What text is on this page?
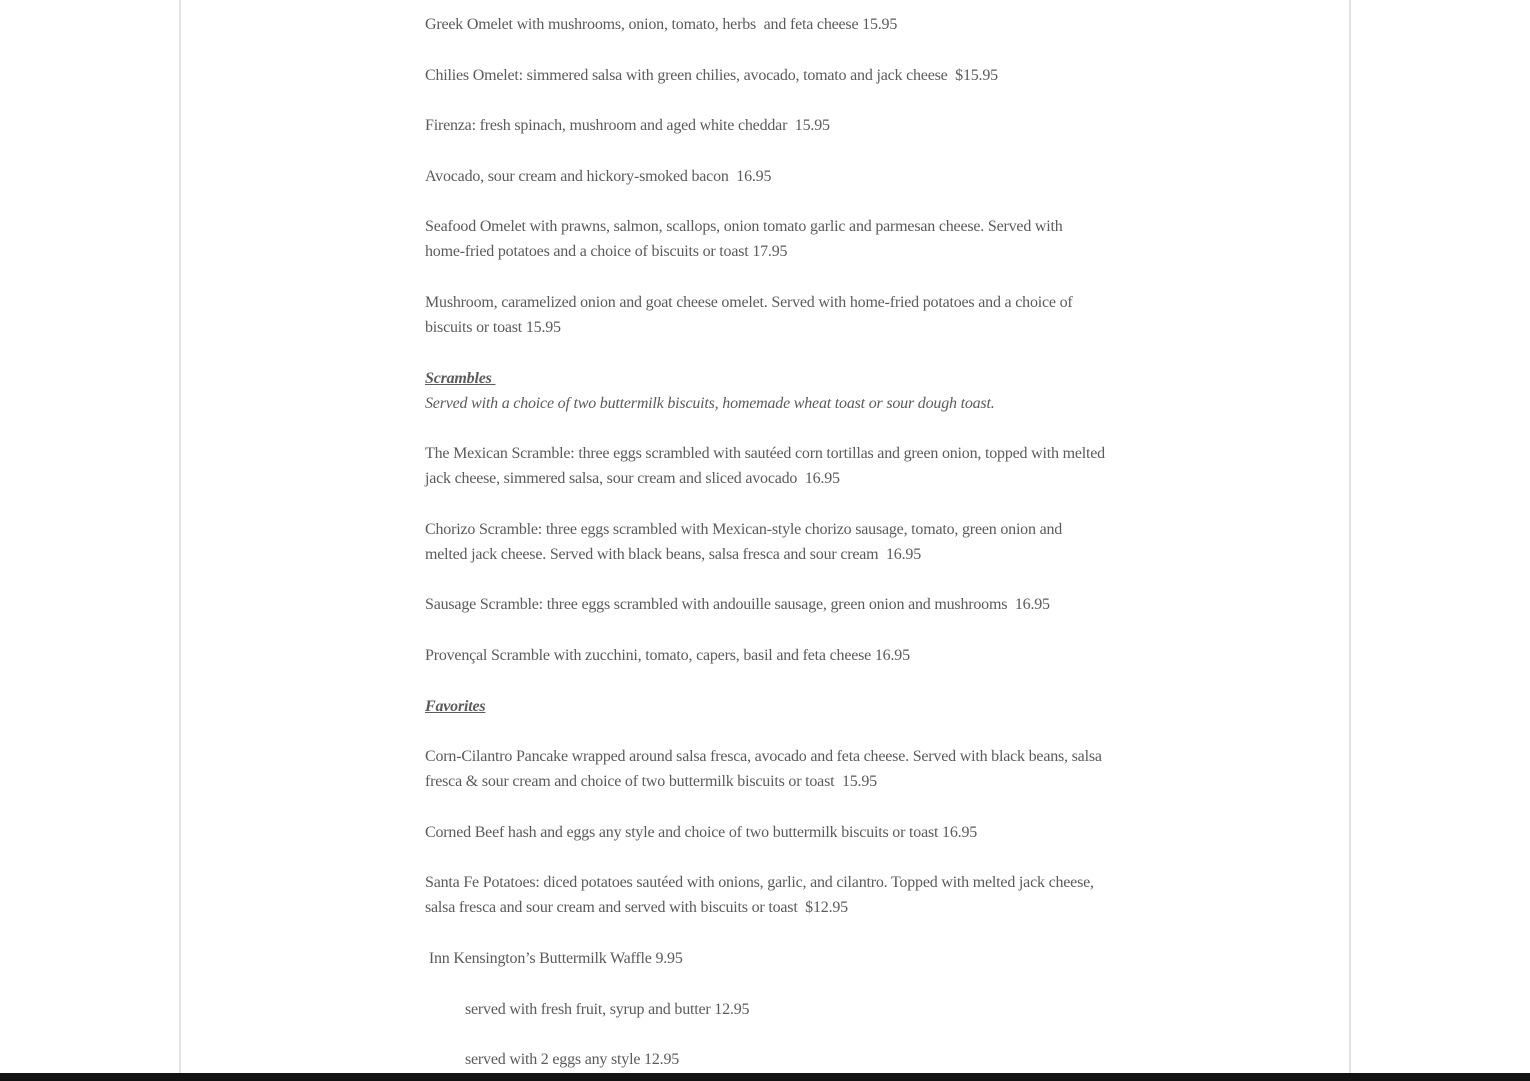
Greek Omelet with mushrooms, onion, tomato, herbs  and feta cheese 15.95

Chilies Omelet: simmered salsa with green chilies, avocado, tomato and jack cheese  $15.95

Firenza: fresh spinach, mushroom and aged white cheddar  15.95

Avocado, sour cream and hickory-smoked bacon  16.95

Seafood Omelet with prawns, salmon, scallops, onion tomato garlic and parmesan cheese. Served with home-fried potatoes and a choice of biscuits or toast 17.95

Mushroom, caramelized onion and goat cheese omelet. Served with home-fried potatoes and a choice of biscuits or toast 15.95

Scrambles
Served with a choice of two buttermilk biscuits, homemade wheat toast or sour dough toast.

The Mexican Scramble: three eggs scrambled with sautéed corn tortillas and green onion, topped with melted jack cheese, simmered salsa, sour cream and sliced avocado  16.95

Chorizo Scramble: three eggs scrambled with Mexican-style chorizo sausage, tomato, green onion and melted jack cheese. Served with black beans, salsa fresca and sour cream  16.95

Sausage Scramble: three eggs scrambled with andouille sausage, green onion and mushrooms  16.95

Provençal Scramble with zucchini, tomato, capers, basil and feta cheese 16.95

Favorites

Corn-Cilantro Pancake wrapped around salsa fresca, avocado and feta cheese. Served with black beans, salsa fresca & sour cream and choice of two buttermilk biscuits or toast  15.95

Corned Beef hash and eggs any style and choice of two buttermilk biscuits or toast 16.95

Santa Fe Potatoes: diced potatoes sautéed with onions, garlic, and cilantro. Topped with melted jack cheese, salsa fresca and sour cream and served with biscuits or toast  $12.95

Inn Kensington’s Buttermilk Waffle 9.95

served with fresh fruit, syrup and butter 12.95

served with 2 eggs any style 12.95
